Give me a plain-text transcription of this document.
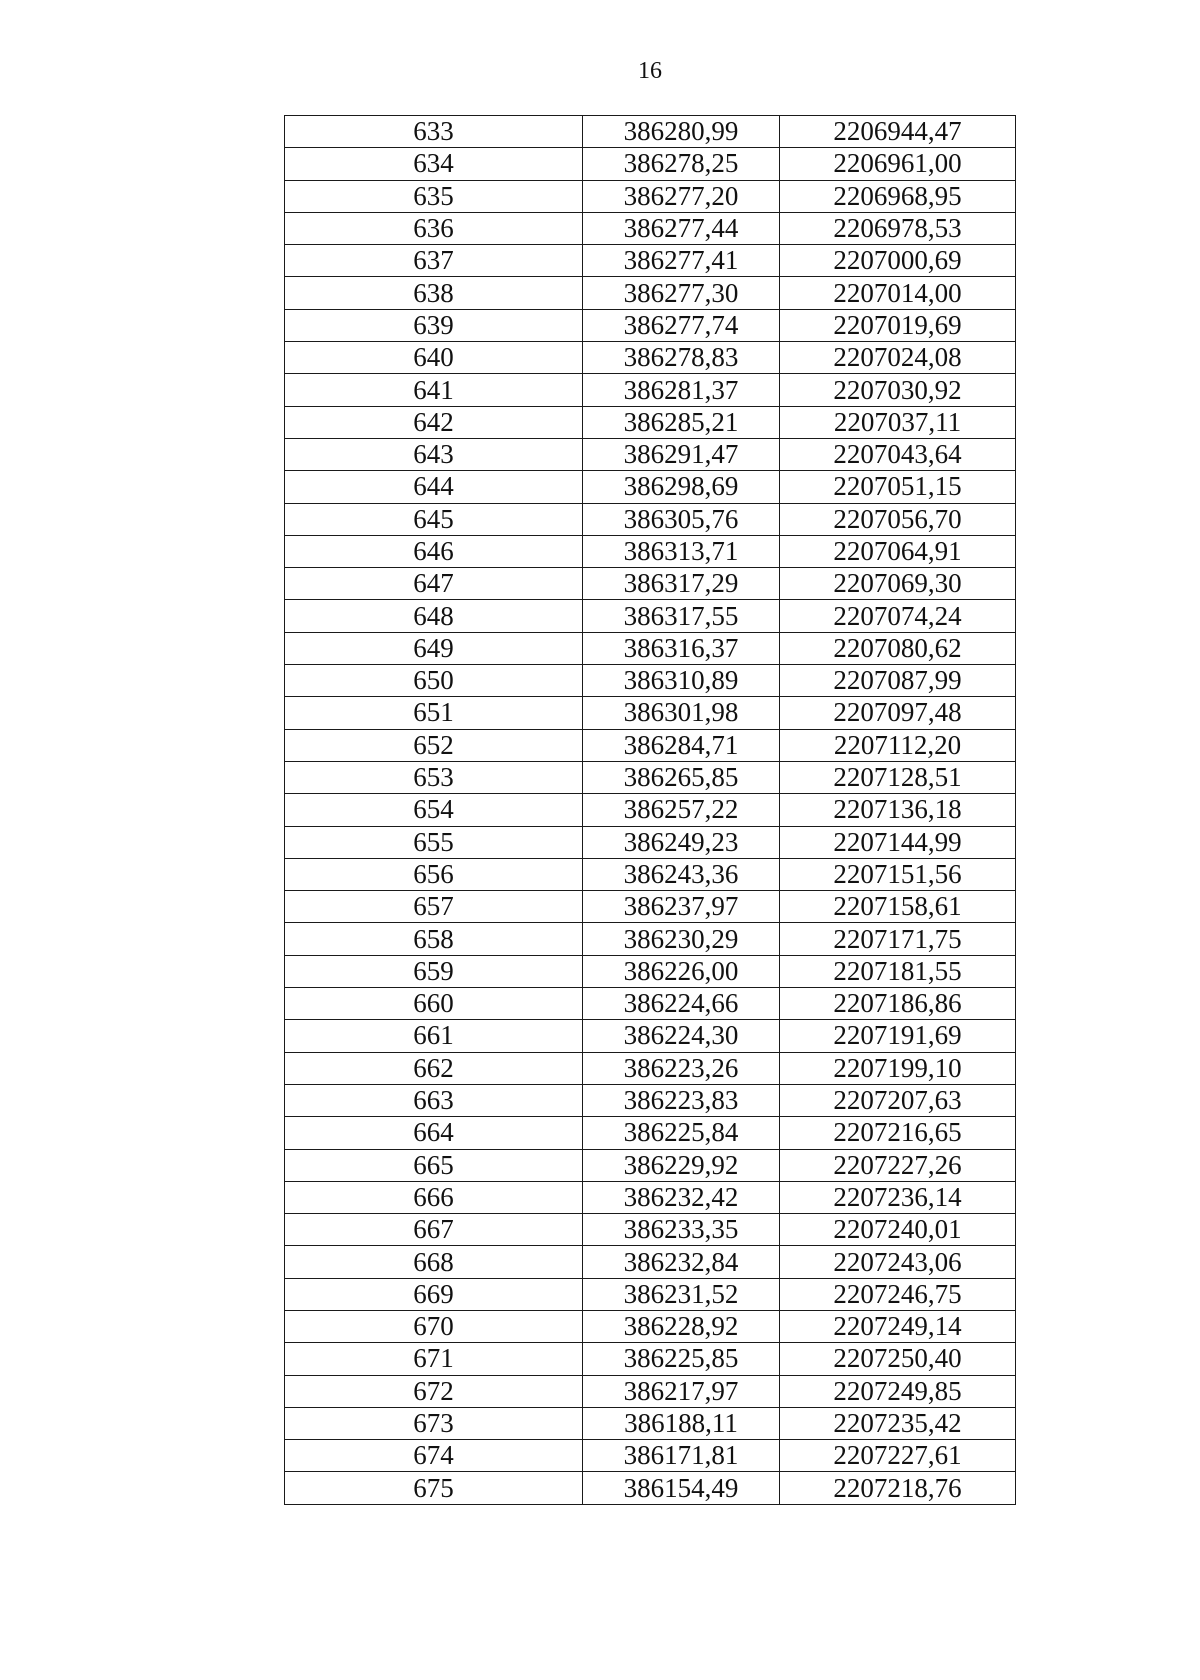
16
633	386280,99	2206944,47
634	386278,25	2206961,00
635	386277,20	2206968,95
636	386277,44	2206978,53
637	386277,41	2207000,69
638	386277,30	2207014,00
639	386277,74	2207019,69
640	386278,83	2207024,08
641	386281,37	2207030,92
642	386285,21	2207037,11
643	386291,47	2207043,64
644	386298,69	2207051,15
645	386305,76	2207056,70
646	386313,71	2207064,91
647	386317,29	2207069,30
648	386317,55	2207074,24
649	386316,37	2207080,62
650	386310,89	2207087,99
651	386301,98	2207097,48
652	386284,71	2207112,20
653	386265,85	2207128,51
654	386257,22	2207136,18
655	386249,23	2207144,99
656	386243,36	2207151,56
657	386237,97	2207158,61
658	386230,29	2207171,75
659	386226,00	2207181,55
660	386224,66	2207186,86
661	386224,30	2207191,69
662	386223,26	2207199,10
663	386223,83	2207207,63
664	386225,84	2207216,65
665	386229,92	2207227,26
666	386232,42	2207236,14
667	386233,35	2207240,01
668	386232,84	2207243,06
669	386231,52	2207246,75
670	386228,92	2207249,14
671	386225,85	2207250,40
672	386217,97	2207249,85
673	386188,11	2207235,42
674	386171,81	2207227,61
675	386154,49	2207218,76
